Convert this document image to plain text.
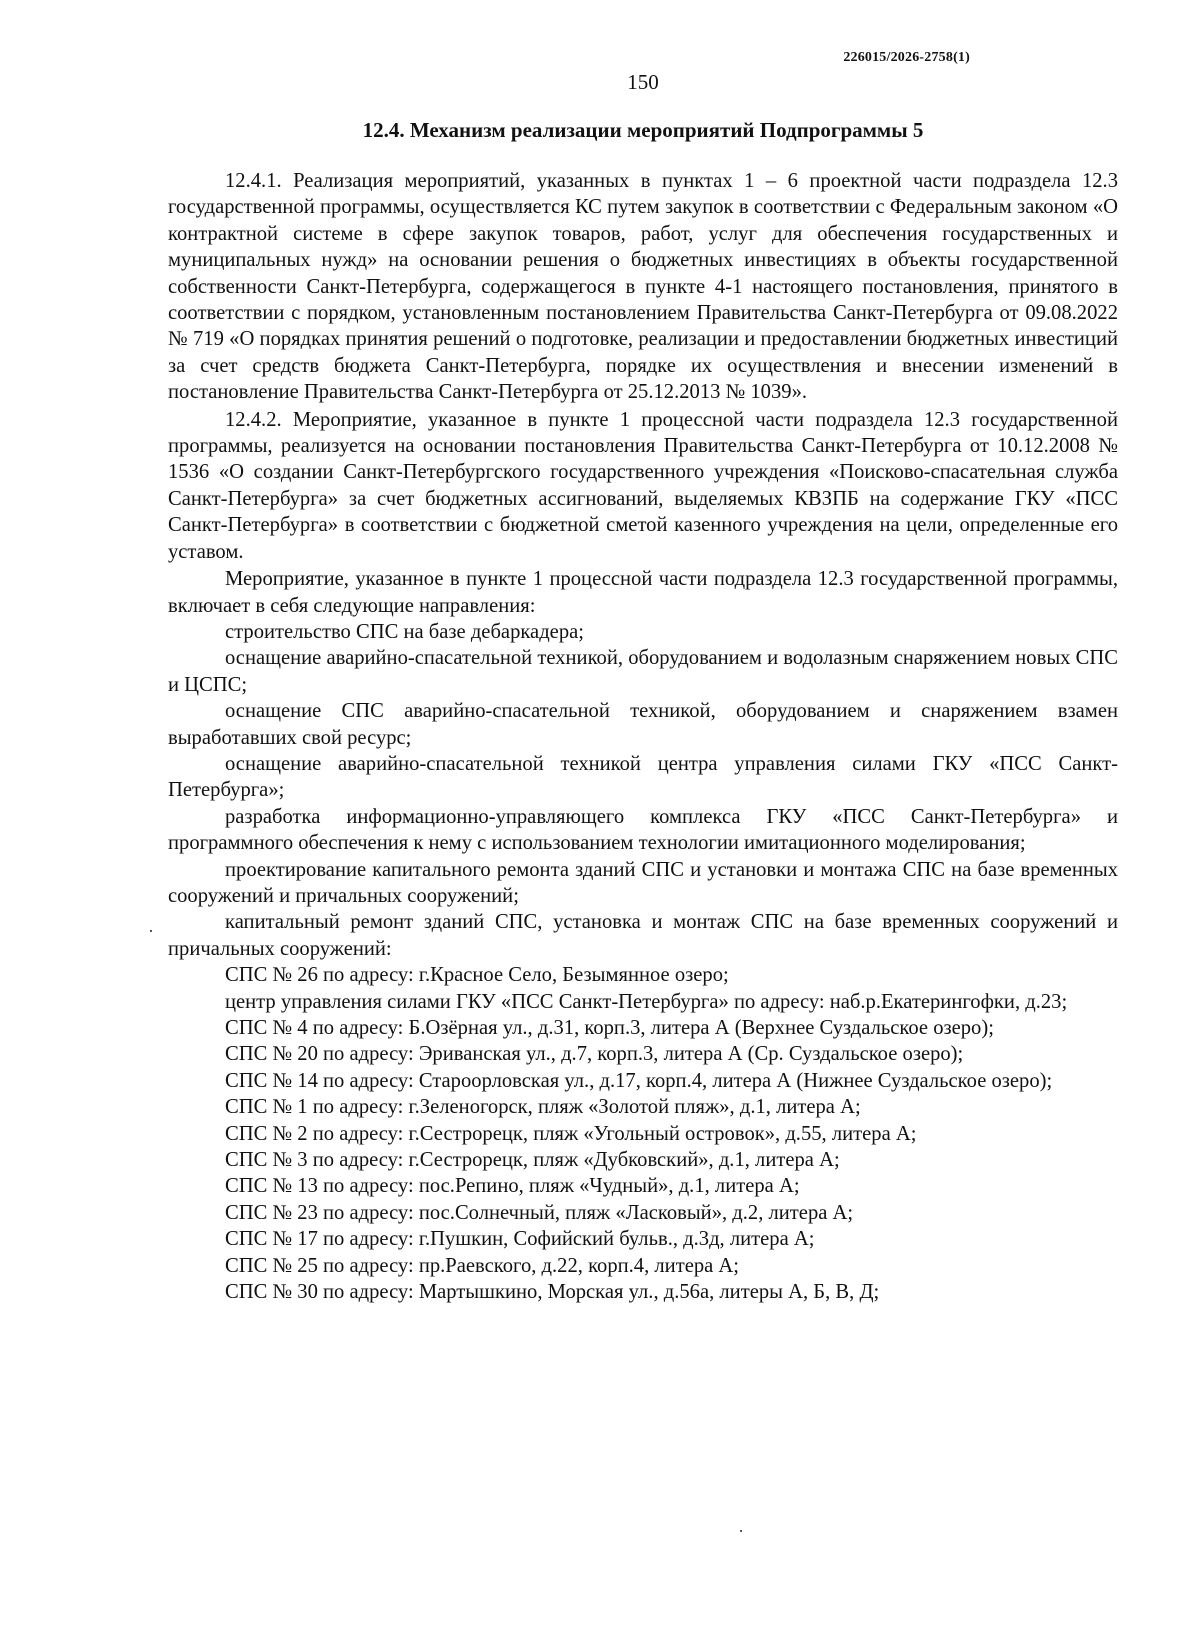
226015/2026-2758(1)
150
12.4. Механизм реализации мероприятий Подпрограммы 5

12.4.1. Реализация мероприятий, указанных в пунктах 1 – 6 проектной части подраздела 12.3 государственной программы, осуществляется КС путем закупок в соответствии с Федеральным законом «О контрактной системе в сфере закупок товаров, работ, услуг для обеспечения государственных и муниципальных нужд» на основании решения о бюджетных инвестициях в объекты государственной собственности Санкт-Петербурга, содержащегося в пункте 4-1 настоящего постановления, принятого в соответствии с порядком, установленным постановлением Правительства Санкт-Петербурга от 09.08.2022 № 719 «О порядках принятия решений о подготовке, реализации и предоставлении бюджетных инвестиций за счет средств бюджета Санкт-Петербурга, порядке их осуществления и внесении изменений в постановление Правительства Санкт-Петербурга от 25.12.2013 № 1039».

12.4.2. Мероприятие, указанное в пункте 1 процессной части подраздела 12.3 государственной программы, реализуется на основании постановления Правительства Санкт-Петербурга от 10.12.2008 № 1536 «О создании Санкт-Петербургского государственного учреждения «Поисково-спасательная служба Санкт-Петербурга» за счет бюджетных ассигнований, выделяемых КВЗПБ на содержание ГКУ «ПСС Санкт-Петербурга» в соответствии с бюджетной сметой казенного учреждения на цели, определенные его уставом.

Мероприятие, указанное в пункте 1 процессной части подраздела 12.3 государственной программы, включает в себя следующие направления:

строительство СПС на базе дебаркадера;

оснащение аварийно-спасательной техникой, оборудованием и водолазным снаряжением новых СПС и ЦСПС;

оснащение СПС аварийно-спасательной техникой, оборудованием и снаряжением взамен выработавших свой ресурс;

оснащение аварийно-спасательной техникой центра управления силами ГКУ «ПСС Санкт-Петербурга»;

разработка информационно-управляющего комплекса ГКУ «ПСС Санкт-Петербурга» и программного обеспечения к нему с использованием технологии имитационного моделирования;

проектирование капитального ремонта зданий СПС и установки и монтажа СПС на базе временных сооружений и причальных сооружений;

капитальный ремонт зданий СПС, установка и монтаж СПС на базе временных сооружений и причальных сооружений:

СПС № 26 по адресу: г.Красное Село, Безымянное озеро;

центр управления силами ГКУ «ПСС Санкт-Петербурга» по адресу: наб.р.Екатерингофки, д.23;

СПС № 4 по адресу: Б.Озёрная ул., д.31, корп.3, литера А (Верхнее Суздальское озеро);

СПС № 20 по адресу: Эриванская ул., д.7, корп.3, литера А (Ср. Суздальское озеро);

СПС № 14 по адресу: Староорловская ул., д.17, корп.4, литера А (Нижнее Суздальское озеро);

СПС № 1 по адресу: г.Зеленогорск, пляж «Золотой пляж», д.1, литера А;

СПС № 2 по адресу: г.Сестрорецк, пляж «Угольный островок», д.55, литера А;

СПС № 3 по адресу: г.Сестрорецк, пляж «Дубковский», д.1, литера А;

СПС № 13 по адресу: пос.Репино, пляж «Чудный», д.1, литера А;

СПС № 23 по адресу: пос.Солнечный, пляж «Ласковый», д.2, литера А;

СПС № 17 по адресу: г.Пушкин, Софийский бульв., д.3д, литера А;

СПС № 25 по адресу: пр.Раевского, д.22, корп.4, литера А;

СПС № 30 по адресу: Мартышкино, Морская ул., д.56а, литеры А, Б, В, Д;
